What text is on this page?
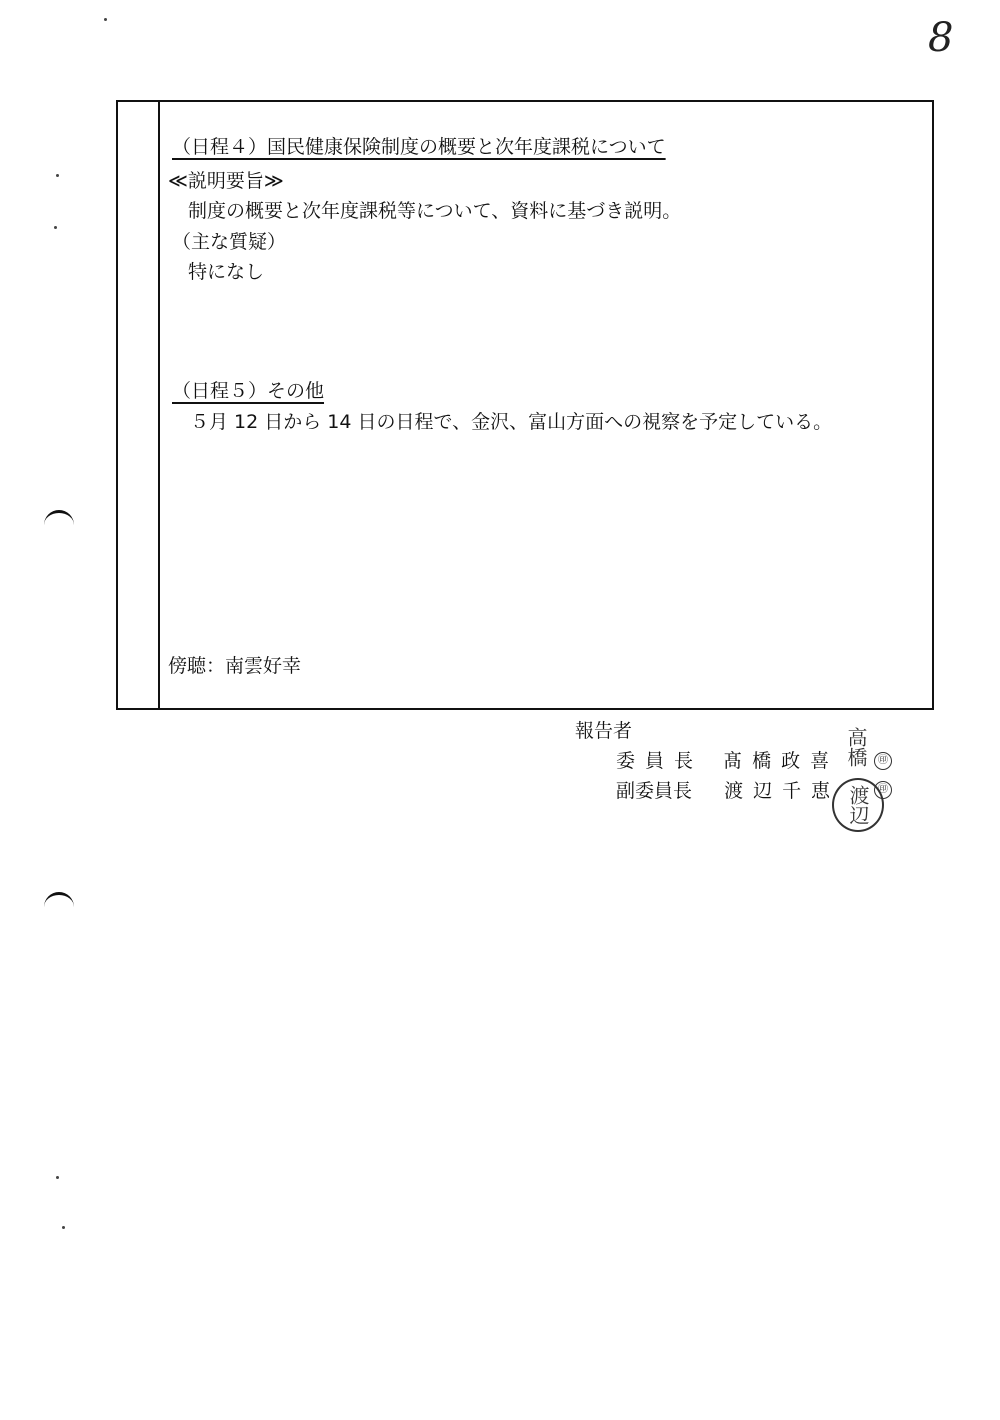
8
（日程４）国民健康保険制度の概要と次年度課税について
≪説明要旨≫
制度の概要と次年度課税等について、資料に基づき説明。
（主な質疑）
特になし
（日程５）その他
５月 12 日から 14 日の日程で、金沢、富山方面への視察を予定している。
傍聴：南雲好幸
報告者
委員長 髙橋政喜
副委員長 渡辺千恵
高橋
渡辺
㊞
㊞
